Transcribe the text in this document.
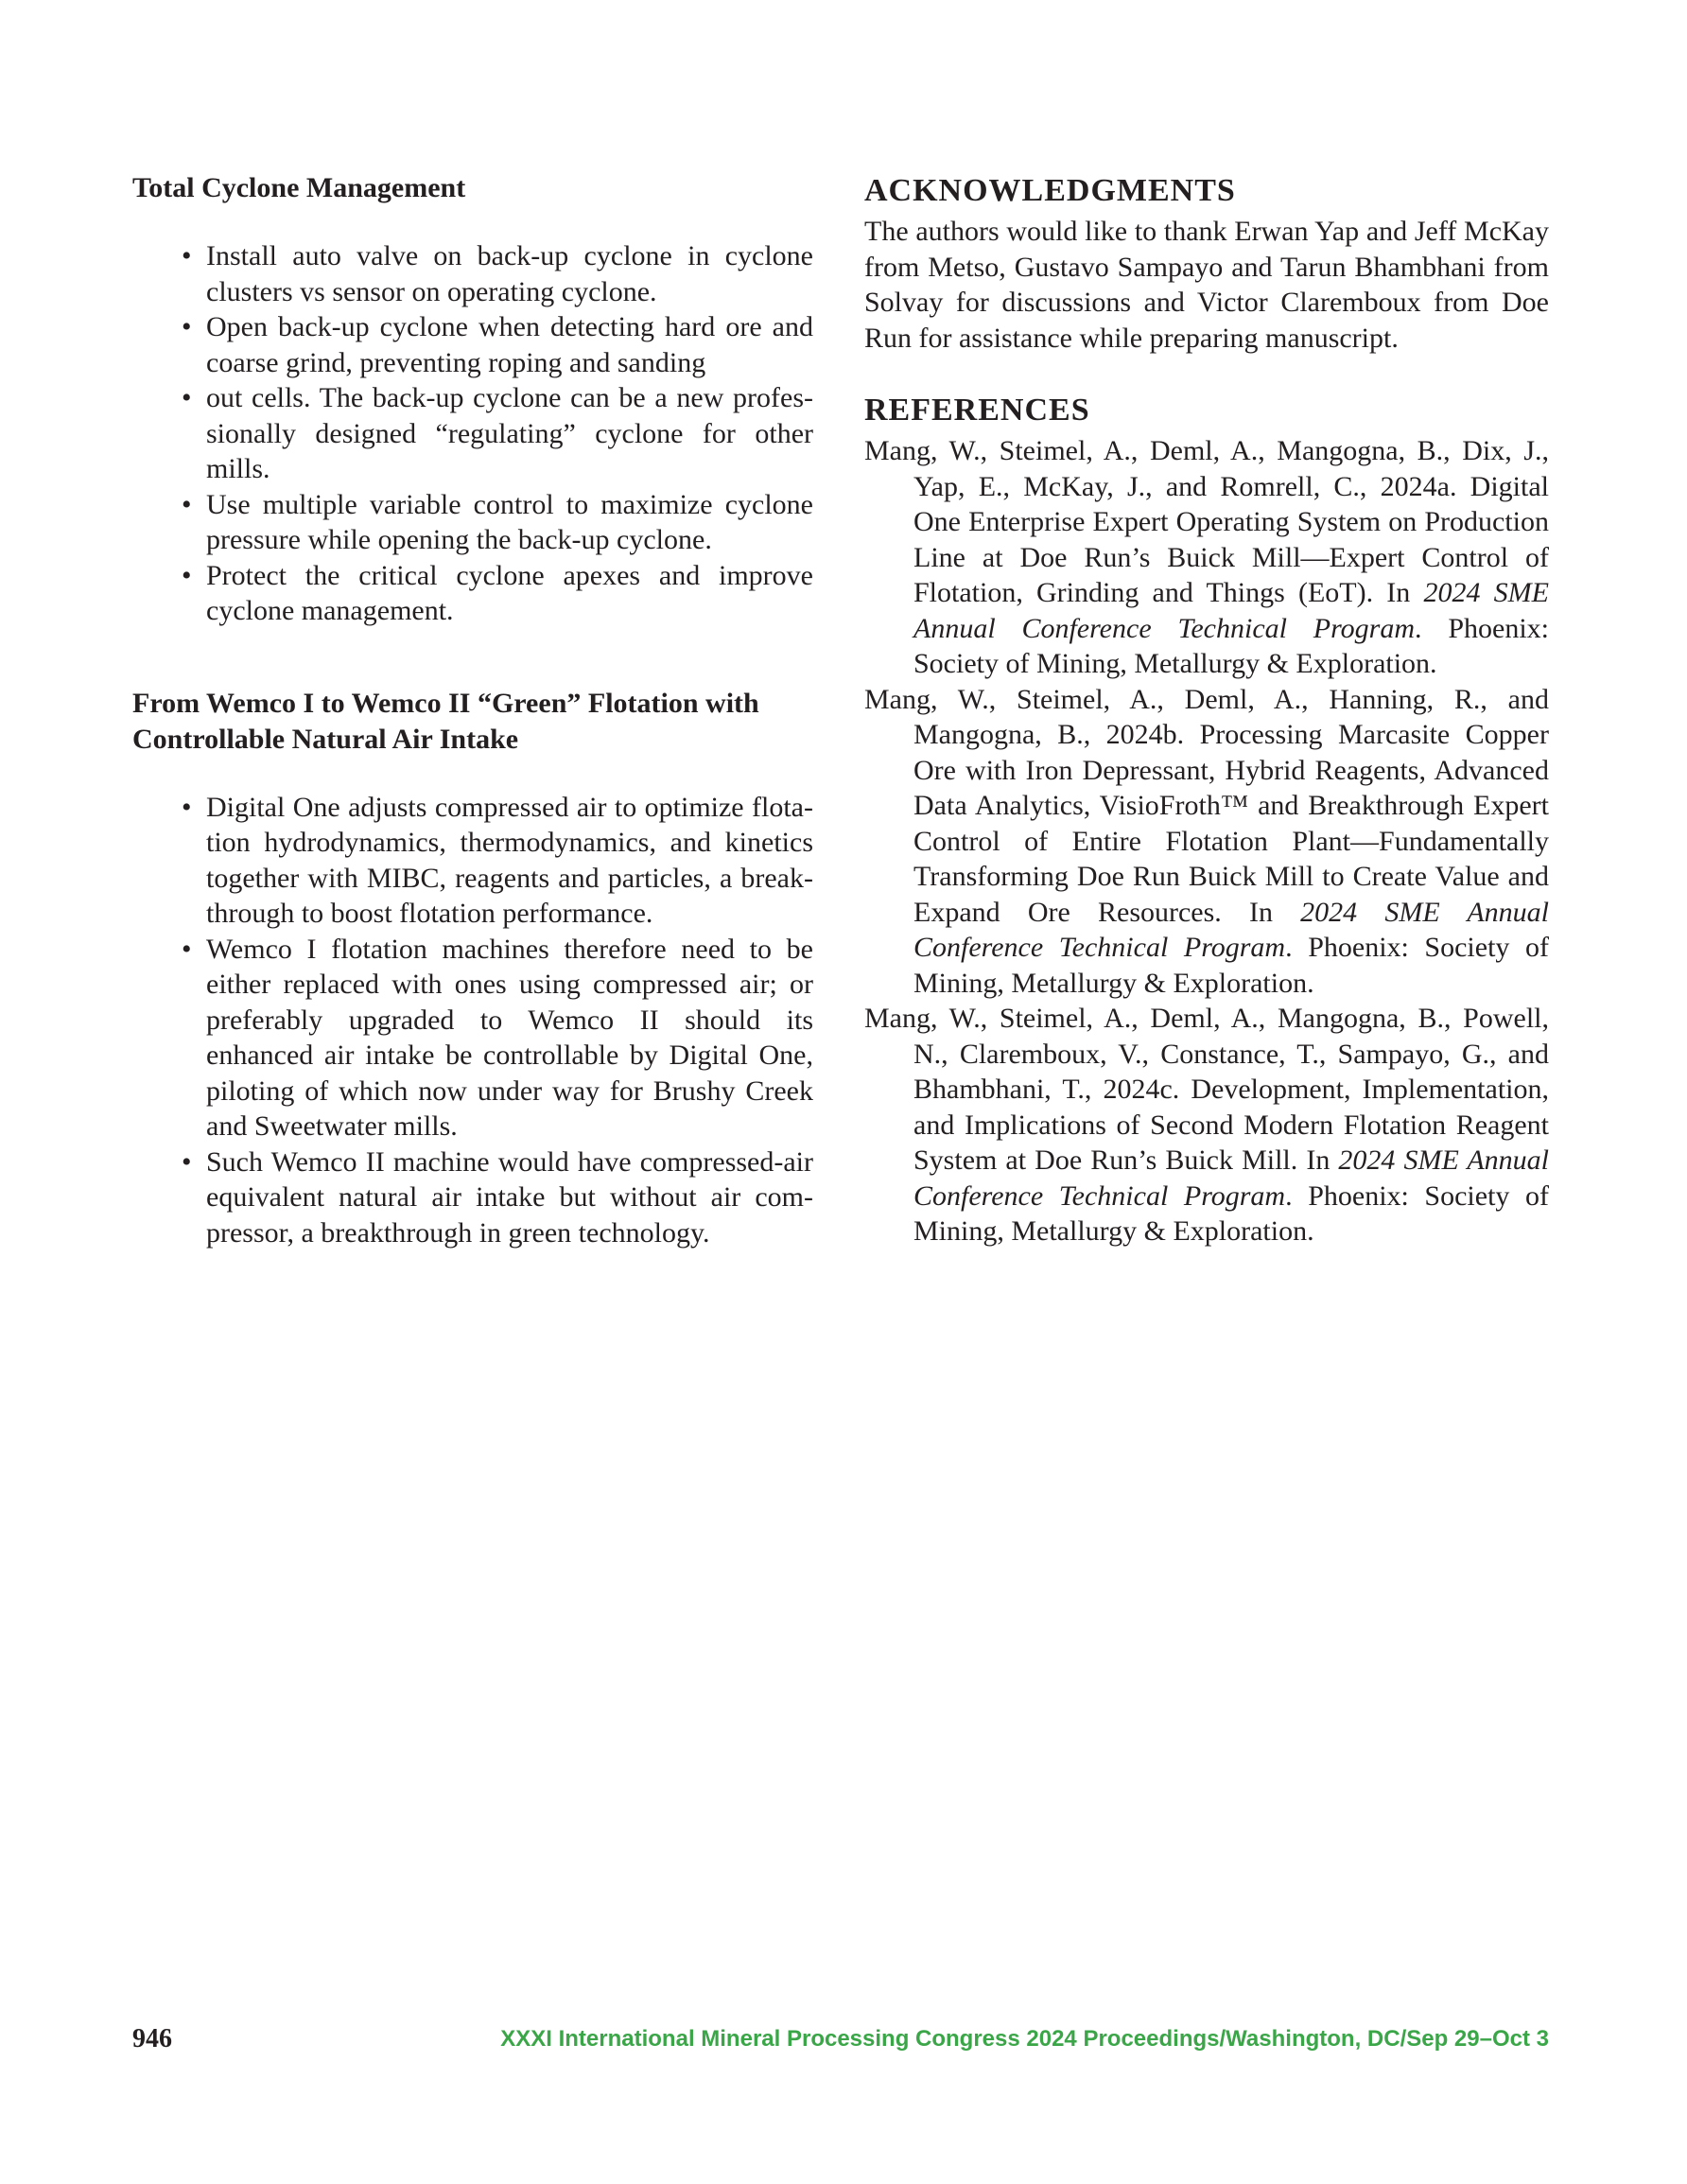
Total Cyclone Management
• Install auto valve on back-up cyclone in cyclone clusters vs sensor on operating cyclone.
• Open back-up cyclone when detecting hard ore and coarse grind, preventing roping and sanding
• out cells. The back-up cyclone can be a new professionally designed “regulating” cyclone for other mills.
• Use multiple variable control to maximize cyclone pressure while opening the back-up cyclone.
• Protect the critical cyclone apexes and improve cyclone management.
From Wemco I to Wemco II “Green” Flotation with
Controllable Natural Air Intake
• Digital One adjusts compressed air to optimize flotation hydrodynamics, thermodynamics, and kinetics together with MIBC, reagents and particles, a breakthrough to boost flotation performance.
• Wemco I flotation machines therefore need to be either replaced with ones using compressed air; or preferably upgraded to Wemco II should its enhanced air intake be controllable by Digital One, piloting of which now under way for Brushy Creek and Sweetwater mills.
• Such Wemco II machine would have compressed-air equivalent natural air intake but without air compressor, a breakthrough in green technology.
ACKNOWLEDGMENTS

The authors would like to thank Erwan Yap and Jeff McKay from Metso, Gustavo Sampayo and Tarun Bhambhani from Solvay for discussions and Victor Claremboux from Doe Run for assistance while preparing manuscript.

REFERENCES

Mang, W., Steimel, A., Deml, A., Mangogna, B., Dix, J., Yap, E., McKay, J., and Romrell, C., 2024a. Digital One Enterprise Expert Operating System on Production Line at Doe Run’s Buick Mill—Expert Control of Flotation, Grinding and Things (EoT). In 2024 SME Annual Conference Technical Program. Phoenix: Society of Mining, Metallurgy & Exploration.

Mang, W., Steimel, A., Deml, A., Hanning, R., and Mangogna, B., 2024b. Processing Marcasite Copper Ore with Iron Depressant, Hybrid Reagents, Advanced Data Analytics, VisioFroth™ and Breakthrough Expert Control of Entire Flotation Plant—Fundamentally Transforming Doe Run Buick Mill to Create Value and Expand Ore Resources. In 2024 SME Annual Conference Technical Program. Phoenix: Society of Mining, Metallurgy & Exploration.

Mang, W., Steimel, A., Deml, A., Mangogna, B., Powell, N., Claremboux, V., Constance, T., Sampayo, G., and Bhambhani, T., 2024c. Development, Implementation, and Implications of Second Modern Flotation Reagent System at Doe Run’s Buick Mill. In 2024 SME Annual Conference Technical Program. Phoenix: Society of Mining, Metallurgy & Exploration.

946	XXXI International Mineral Processing Congress 2024 Proceedings/Washington, DC/Sep 29–Oct 3
